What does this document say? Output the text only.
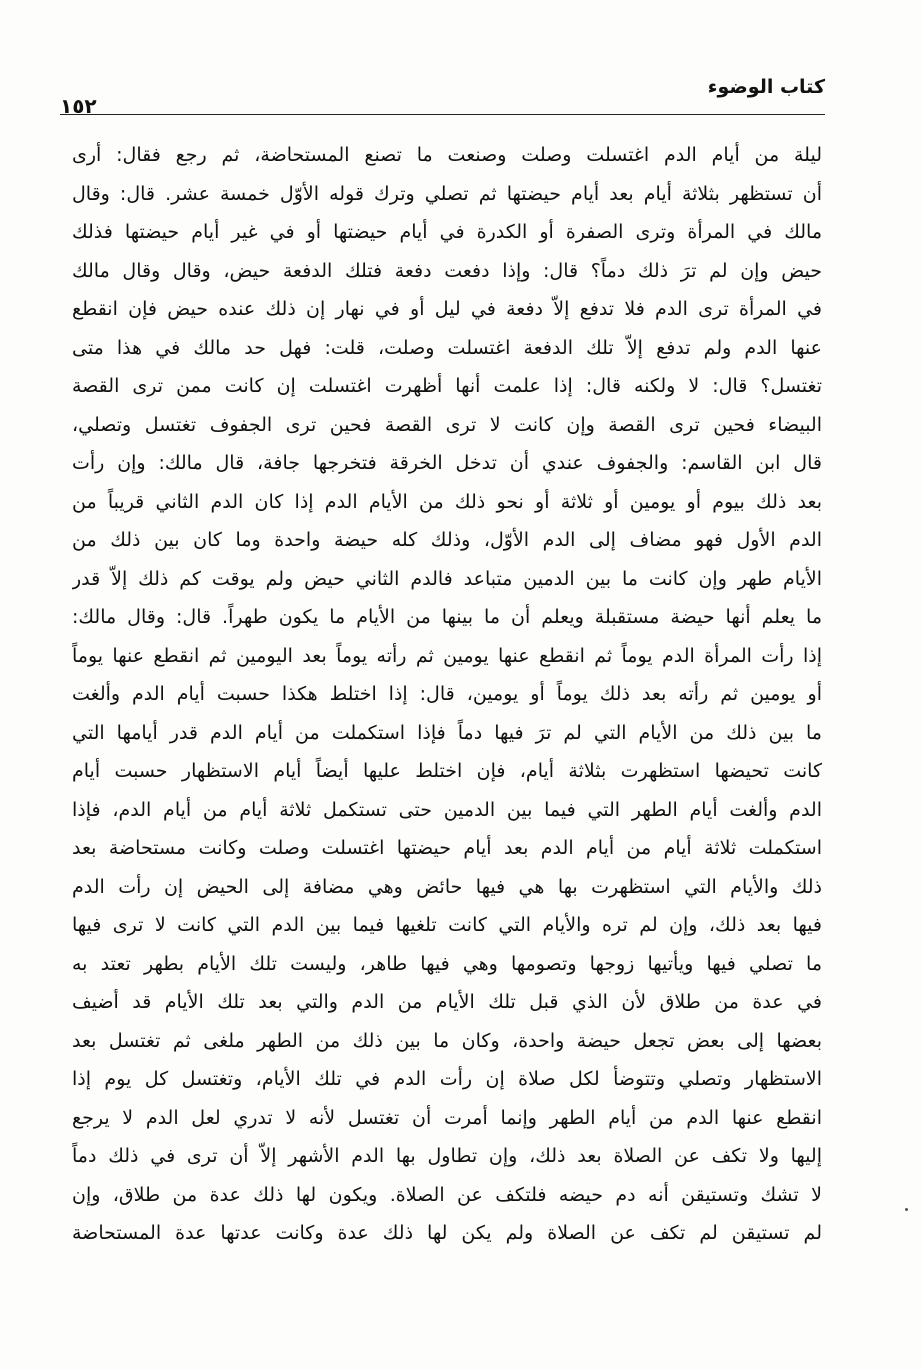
كتاب الوضوء
١٥٢
ليلة من أيام الدم اغتسلت وصلت وصنعت ما تصنع المستحاضة، ثم رجع فقال: أرى
أن تستظهر بثلاثة أيام بعد أيام حيضتها ثم تصلي وترك قوله الأوّل خمسة عشر. قال: وقال
مالك في المرأة وترى الصفرة أو الكدرة في أيام حيضتها أو في غير أيام حيضتها فذلك
حيض وإن لم ترَ ذلك دماً؟ قال: وإذا دفعت دفعة فتلك الدفعة حيض، وقال وقال مالك
في المرأة ترى الدم فلا تدفع إلاّ دفعة في ليل أو في نهار إن ذلك عنده حيض فإن انقطع
عنها الدم ولم تدفع إلاّ تلك الدفعة اغتسلت وصلت، قلت: فهل حد مالك في هذا متى
تغتسل؟ قال: لا ولكنه قال: إذا علمت أنها أظهرت اغتسلت إن كانت ممن ترى القصة
البيضاء فحين ترى القصة وإن كانت لا ترى القصة فحين ترى الجفوف تغتسل وتصلي،
قال ابن القاسم: والجفوف عندي أن تدخل الخرقة فتخرجها جافة، قال مالك: وإن رأت
بعد ذلك بيوم أو يومين أو ثلاثة أو نحو ذلك من الأيام الدم إذا كان الدم الثاني قريباً من
الدم الأول فهو مضاف إلى الدم الأوّل، وذلك كله حيضة واحدة وما كان بين ذلك من
الأيام طهر وإن كانت ما بين الدمين متباعد فالدم الثاني حيض ولم يوقت كم ذلك إلاّ قدر
ما يعلم أنها حيضة مستقبلة ويعلم أن ما بينها من الأيام ما يكون طهراً. قال: وقال مالك:
إذا رأت المرأة الدم يوماً ثم انقطع عنها يومين ثم رأته يوماً بعد اليومين ثم انقطع عنها يوماً
أو يومين ثم رأته بعد ذلك يوماً أو يومين، قال: إذا اختلط هكذا حسبت أيام الدم وألغت
ما بين ذلك من الأيام التي لم ترَ فيها دماً فإذا استكملت من أيام الدم قدر أيامها التي
كانت تحيضها استظهرت بثلاثة أيام، فإن اختلط عليها أيضاً أيام الاستظهار حسبت أيام
الدم وألغت أيام الطهر التي فيما بين الدمين حتى تستكمل ثلاثة أيام من أيام الدم، فإذا
استكملت ثلاثة أيام من أيام الدم بعد أيام حيضتها اغتسلت وصلت وكانت مستحاضة بعد
ذلك والأيام التي استظهرت بها هي فيها حائض وهي مضافة إلى الحيض إن رأت الدم
فيها بعد ذلك، وإن لم تره والأيام التي كانت تلغيها فيما بين الدم التي كانت لا ترى فيها
ما تصلي فيها ويأتيها زوجها وتصومها وهي فيها طاهر، وليست تلك الأيام بطهر تعتد به
في عدة من طلاق لأن الذي قبل تلك الأيام من الدم والتي بعد تلك الأيام قد أضيف
بعضها إلى بعض تجعل حيضة واحدة، وكان ما بين ذلك من الطهر ملغى ثم تغتسل بعد
الاستظهار وتصلي وتتوضأ لكل صلاة إن رأت الدم في تلك الأيام، وتغتسل كل يوم إذا
انقطع عنها الدم من أيام الطهر وإنما أمرت أن تغتسل لأنه لا تدري لعل الدم لا يرجع
إليها ولا تكف عن الصلاة بعد ذلك، وإن تطاول بها الدم الأشهر إلاّ أن ترى في ذلك دماً
لا تشك وتستيقن أنه دم حيضه فلتكف عن الصلاة. ويكون لها ذلك عدة من طلاق، وإن
لم تستيقن لم تكف عن الصلاة ولم يكن لها ذلك عدة وكانت عدتها عدة المستحاضة
